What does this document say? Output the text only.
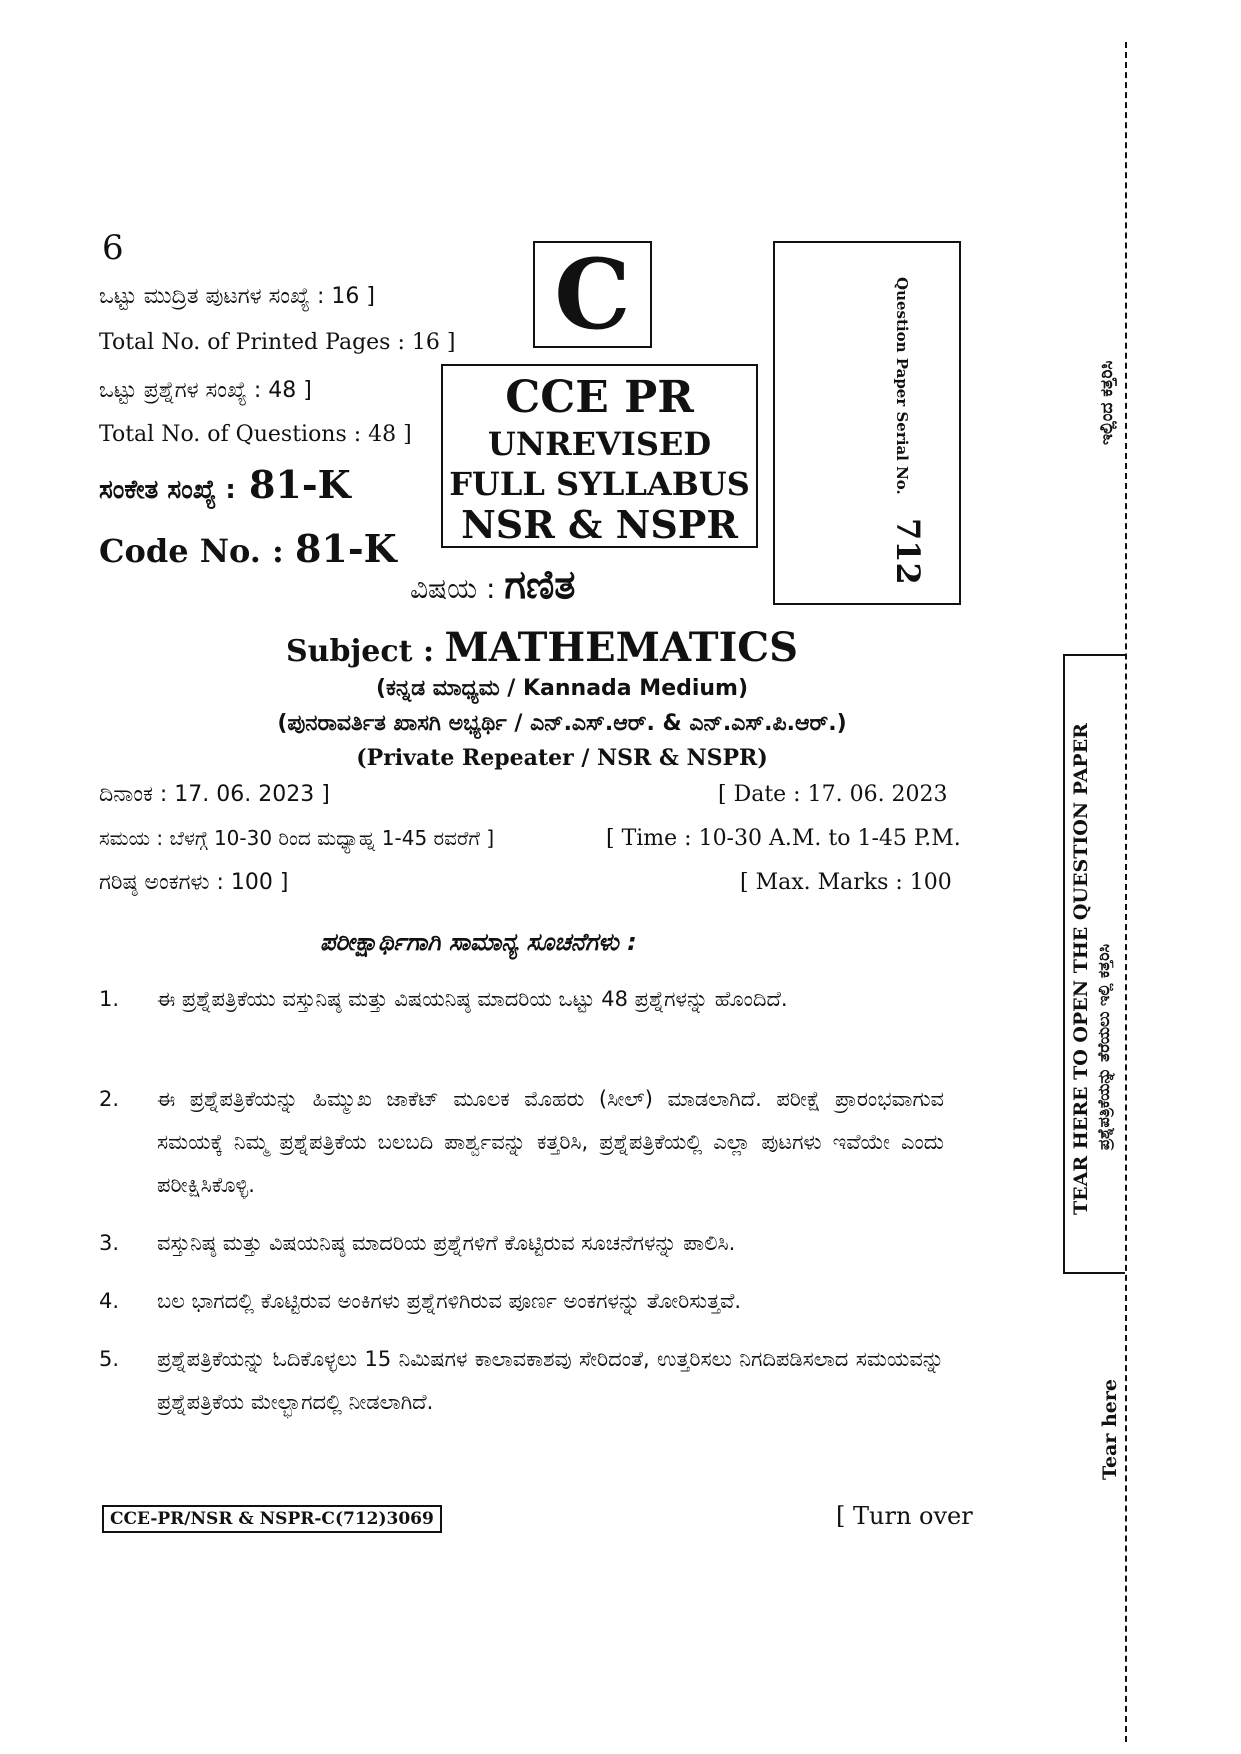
6
ಒಟ್ಟು ಮುದ್ರಿತ ಪುಟಗಳ ಸಂಖ್ಯೆ : 16 ]
Total No. of Printed Pages : 16 ]
ಒಟ್ಟು ಪ್ರಶ್ನೆಗಳ ಸಂಖ್ಯೆ : 48 ]
Total No. of Questions : 48 ]
ಸಂಕೇತ ಸಂಖ್ಯೆ : 81-K
Code No. : 81-K
C
CCE PR
UNREVISED
FULL SYLLABUS
NSR & NSPR
Question Paper Serial No. 712
ವಿಷಯ : ಗಣಿತ
Subject : MATHEMATICS
(ಕನ್ನಡ ಮಾಧ್ಯಮ / Kannada Medium)
(ಪುನರಾವರ್ತಿತ ಖಾಸಗಿ ಅಭ್ಯರ್ಥಿ / ಎನ್.ಎಸ್.ಆರ್. & ಎನ್.ಎಸ್.ಪಿ.ಆರ್.)
(Private Repeater / NSR & NSPR)
ದಿನಾಂಕ : 17. 06. 2023 ]	[ Date : 17. 06. 2023
ಸಮಯ : ಬೆಳಗ್ಗೆ 10-30 ರಿಂದ ಮಧ್ಯಾಹ್ನ 1-45 ರವರೆಗೆ ]	[ Time : 10-30 A.M. to 1-45 P.M.
ಗರಿಷ್ಠ ಅಂಕಗಳು : 100 ]	[ Max. Marks : 100
ಪರೀಕ್ಷಾರ್ಥಿಗಾಗಿ ಸಾಮಾನ್ಯ ಸೂಚನೆಗಳು :
1.	ಈ ಪ್ರಶ್ನೆಪತ್ರಿಕೆಯು ವಸ್ತುನಿಷ್ಠ ಮತ್ತು ವಿಷಯನಿಷ್ಠ ಮಾದರಿಯ ಒಟ್ಟು 48 ಪ್ರಶ್ನೆಗಳನ್ನು ಹೊಂದಿದೆ.
2.	ಈ ಪ್ರಶ್ನೆಪತ್ರಿಕೆಯನ್ನು ಹಿಮ್ಮುಖ ಜಾಕೆಟ್ ಮೂಲಕ ಮೊಹರು (ಸೀಲ್) ಮಾಡಲಾಗಿದೆ. ಪರೀಕ್ಷೆ ಪ್ರಾರಂಭವಾಗುವ ಸಮಯಕ್ಕೆ ನಿಮ್ಮ ಪ್ರಶ್ನೆಪತ್ರಿಕೆಯ ಬಲಬದಿ ಪಾರ್ಶ್ವವನ್ನು ಕತ್ತರಿಸಿ, ಪ್ರಶ್ನೆಪತ್ರಿಕೆಯಲ್ಲಿ ಎಲ್ಲಾ ಪುಟಗಳು ಇವೆಯೇ ಎಂದು ಪರೀಕ್ಷಿಸಿಕೊಳ್ಳಿ.
3.	ವಸ್ತುನಿಷ್ಠ ಮತ್ತು ವಿಷಯನಿಷ್ಠ ಮಾದರಿಯ ಪ್ರಶ್ನೆಗಳಿಗೆ ಕೊಟ್ಟಿರುವ ಸೂಚನೆಗಳನ್ನು ಪಾಲಿಸಿ.
4.	ಬಲ ಭಾಗದಲ್ಲಿ ಕೊಟ್ಟಿರುವ ಅಂಕಿಗಳು ಪ್ರಶ್ನೆಗಳಿಗಿರುವ ಪೂರ್ಣ ಅಂಕಗಳನ್ನು ತೋರಿಸುತ್ತವೆ.
5.	ಪ್ರಶ್ನೆಪತ್ರಿಕೆಯನ್ನು ಓದಿಕೊಳ್ಳಲು 15 ನಿಮಿಷಗಳ ಕಾಲಾವಕಾಶವು ಸೇರಿದಂತೆ, ಉತ್ತರಿಸಲು ನಿಗದಿಪಡಿಸಲಾದ ಸಮಯವನ್ನು ಪ್ರಶ್ನೆಪತ್ರಿಕೆಯ ಮೇಲ್ಭಾಗದಲ್ಲಿ ನೀಡಲಾಗಿದೆ.
CCE-PR/NSR & NSPR-C(712)3069	[ Turn over
ಇಲ್ಲಿಂದ ಕತ್ತರಿಸಿ
TEAR HERE TO OPEN THE QUESTION PAPER ಪ್ರಶ್ನೆಪತ್ರಿಕೆಯನ್ನು ತೆರೆಯಲು ಇಲ್ಲಿ ಕತ್ತರಿಸಿ
Tear here
